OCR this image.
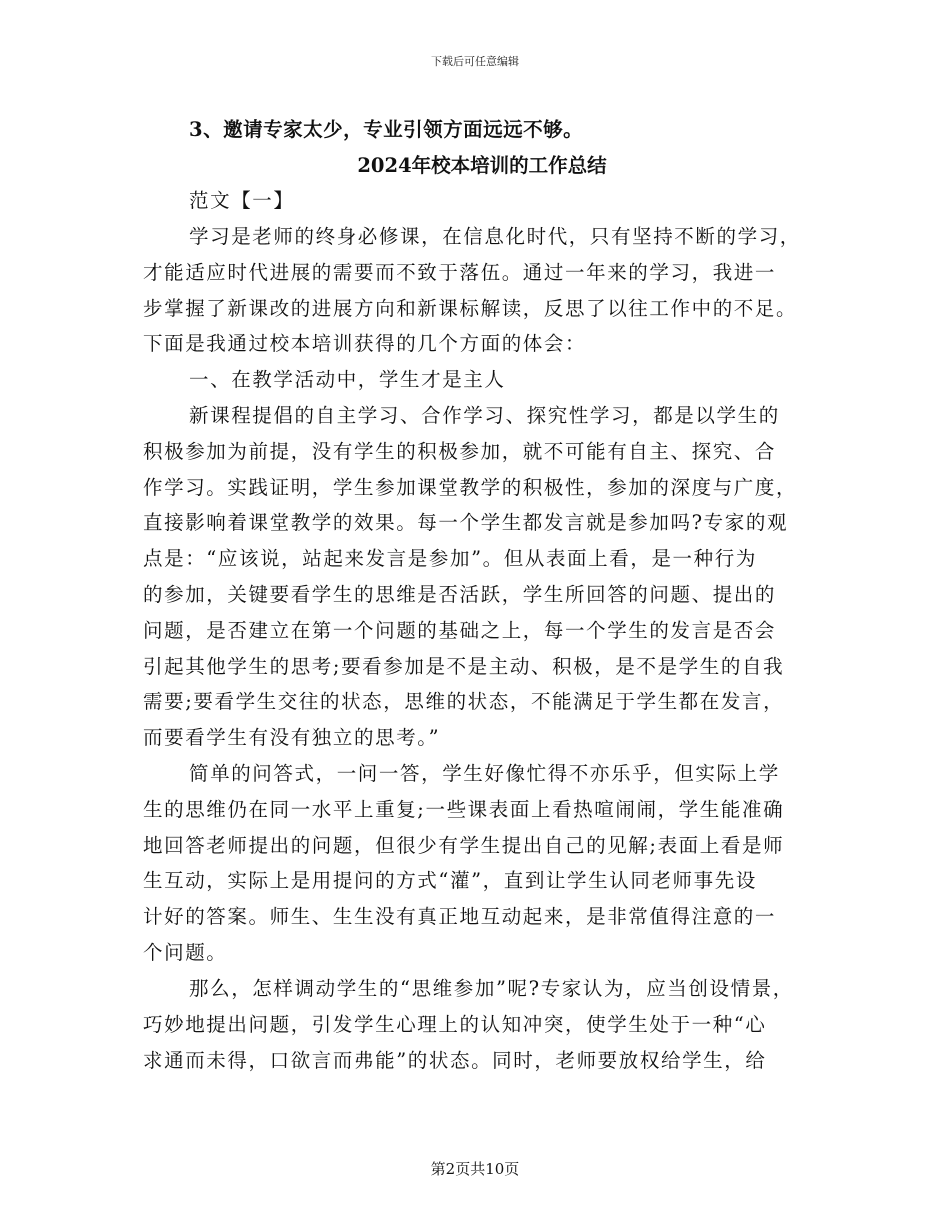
下载后可任意编辑
3、邀请专家太少，专业引领方面远远不够。
2024年校本培训的工作总结
范文【一】
学习是老师的终身必修课，在信息化时代，只有坚持不断的学习，
才能适应时代进展的需要而不致于落伍。通过一年来的学习，我进一
步掌握了新课改的进展方向和新课标解读，反思了以往工作中的不足。
下面是我通过校本培训获得的几个方面的体会：
一、在教学活动中，学生才是主人
新课程提倡的自主学习、合作学习、探究性学习，都是以学生的
积极参加为前提，没有学生的积极参加，就不可能有自主、探究、合
作学习。实践证明，学生参加课堂教学的积极性，参加的深度与广度，
直接影响着课堂教学的效果。每一个学生都发言就是参加吗?专家的观
点是：“应该说，站起来发言是参加”。但从表面上看，是一种行为
的参加，关键要看学生的思维是否活跃，学生所回答的问题、提出的
问题，是否建立在第一个问题的基础之上，每一个学生的发言是否会
引起其他学生的思考;要看参加是不是主动、积极，是不是学生的自我
需要;要看学生交往的状态，思维的状态，不能满足于学生都在发言，
而要看学生有没有独立的思考。”
简单的问答式，一问一答，学生好像忙得不亦乐乎，但实际上学
生的思维仍在同一水平上重复;一些课表面上看热喧闹闹，学生能准确
地回答老师提出的问题，但很少有学生提出自己的见解;表面上看是师
生互动，实际上是用提问的方式“灌”，直到让学生认同老师事先设
计好的答案。师生、生生没有真正地互动起来，是非常值得注意的一
个问题。
那么，怎样调动学生的“思维参加”呢?专家认为，应当创设情景，
巧妙地提出问题，引发学生心理上的认知冲突，使学生处于一种“心
求通而未得，口欲言而弗能”的状态。同时，老师要放权给学生，给
第2页共10页
